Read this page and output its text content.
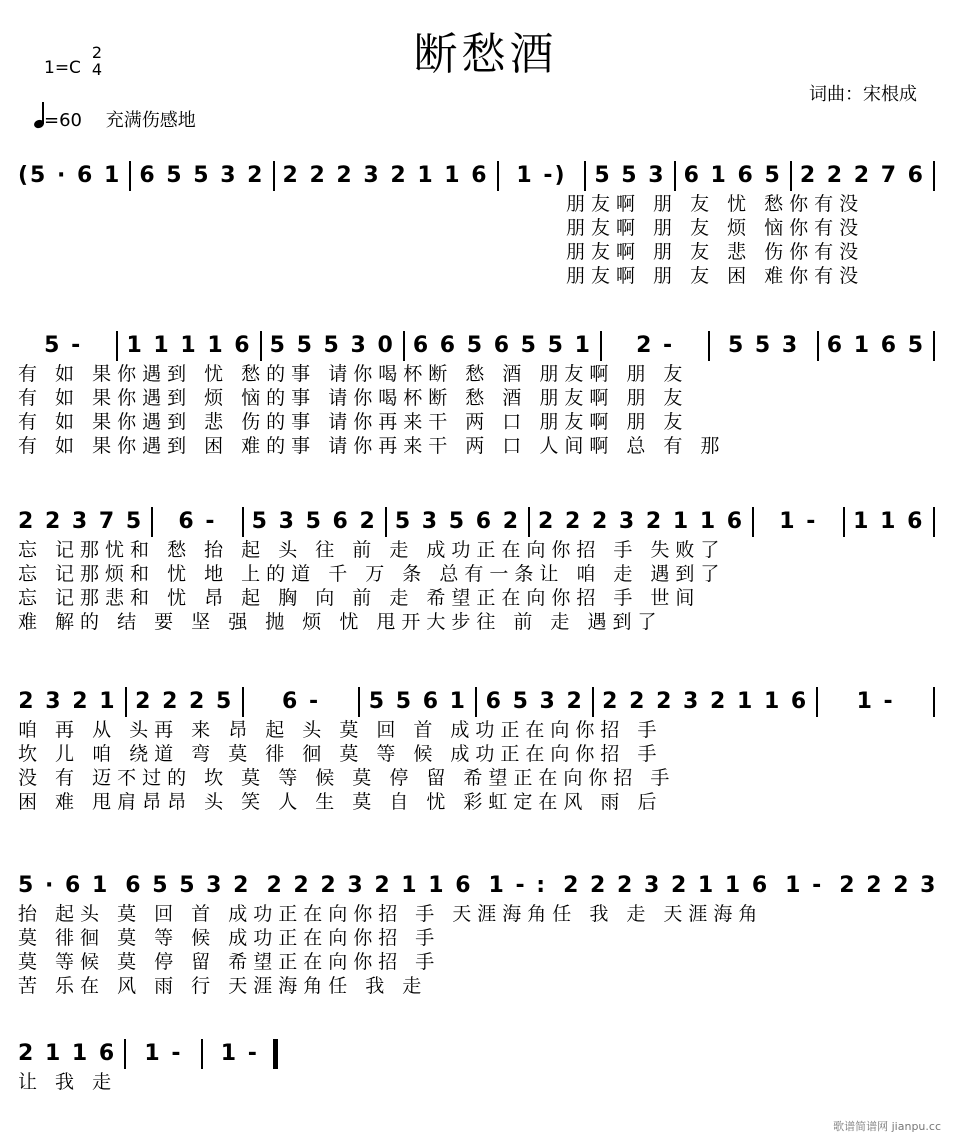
断愁酒
1=C
2
4
=60 充满伤感地
词曲：宋根成
(5 · 6 1 6 5 5 3 2 2 2 2 3 2 1 1 6	1 -)	5 5 3 6 1 6 5 2 2 2 7 6
朋友啊 朋 友 忧 愁你有没
朋友啊 朋 友 烦 恼你有没
朋友啊 朋 友 悲 伤你有没
朋友啊 朋 友 困 难你有没
5 -	1 1 1 1 6 5 5 5 3 0 6 6 5 6 5 5 1	2 -	5 5 3	6 1 6 5
有 如 果你遇到 忧 愁的事 请你喝杯断 愁 酒 朋友啊 朋 友
有 如 果你遇到 烦 恼的事 请你喝杯断 愁 酒 朋友啊 朋 友
有 如 果你遇到 悲 伤的事 请你再来干 两 口 朋友啊 朋 友
有 如 果你遇到 困 难的事 请你再来干 两 口 人间啊 总 有 那
2 2 3 7 5	6 -	5 3 5 6 2 5 3 5 6 2 2 2 2 3 2 1 1 6	1 -	1 1 6
忘 记那忧和 愁 抬 起 头 往 前 走 成功正在向你招 手 失败了
忘 记那烦和 忧 地 上的道 千 万 条 总有一条让 咱 走 遇到了
忘 记那悲和 忧 昂 起 胸 向 前 走 希望正在向你招 手 世间
难 解的 结 要 坚 强 抛 烦 忧 甩开大步往 前 走 遇到了
2 3 2 1 2 2 2 5	6 -	5 5 6 1 6 5 3 2 2 2 2 3 2 1 1 6	1 -
咱 再 从 头再 来 昂 起 头 莫 回 首 成功正在向你招 手
坎 儿 咱 绕道 弯 莫 徘 徊 莫 等 候 成功正在向你招 手
没 有 迈不过的 坎 莫 等 候 莫 停 留 希望正在向你招 手
困 难 甩肩昂昂 头 笑 人 生 莫 自 忧 彩虹定在风 雨 后
5 · 6 1 6 5 5 3 2 2 2 2 3 2 1 1 6 1 - : 2 2 2 3 2 1 1 6 1 - 2 2 2 3
抬 起头 莫 回 首 成功正在向你招 手 天涯海角任 我 走 天涯海角
莫 徘徊 莫 等 候 成功正在向你招 手
莫 等候 莫 停 留 希望正在向你招 手
苦 乐在 风 雨 行 天涯海角任 我 走
2 1 1 6	1 -	1 -
让 我 走
歌谱简谱网 jianpu.cc
